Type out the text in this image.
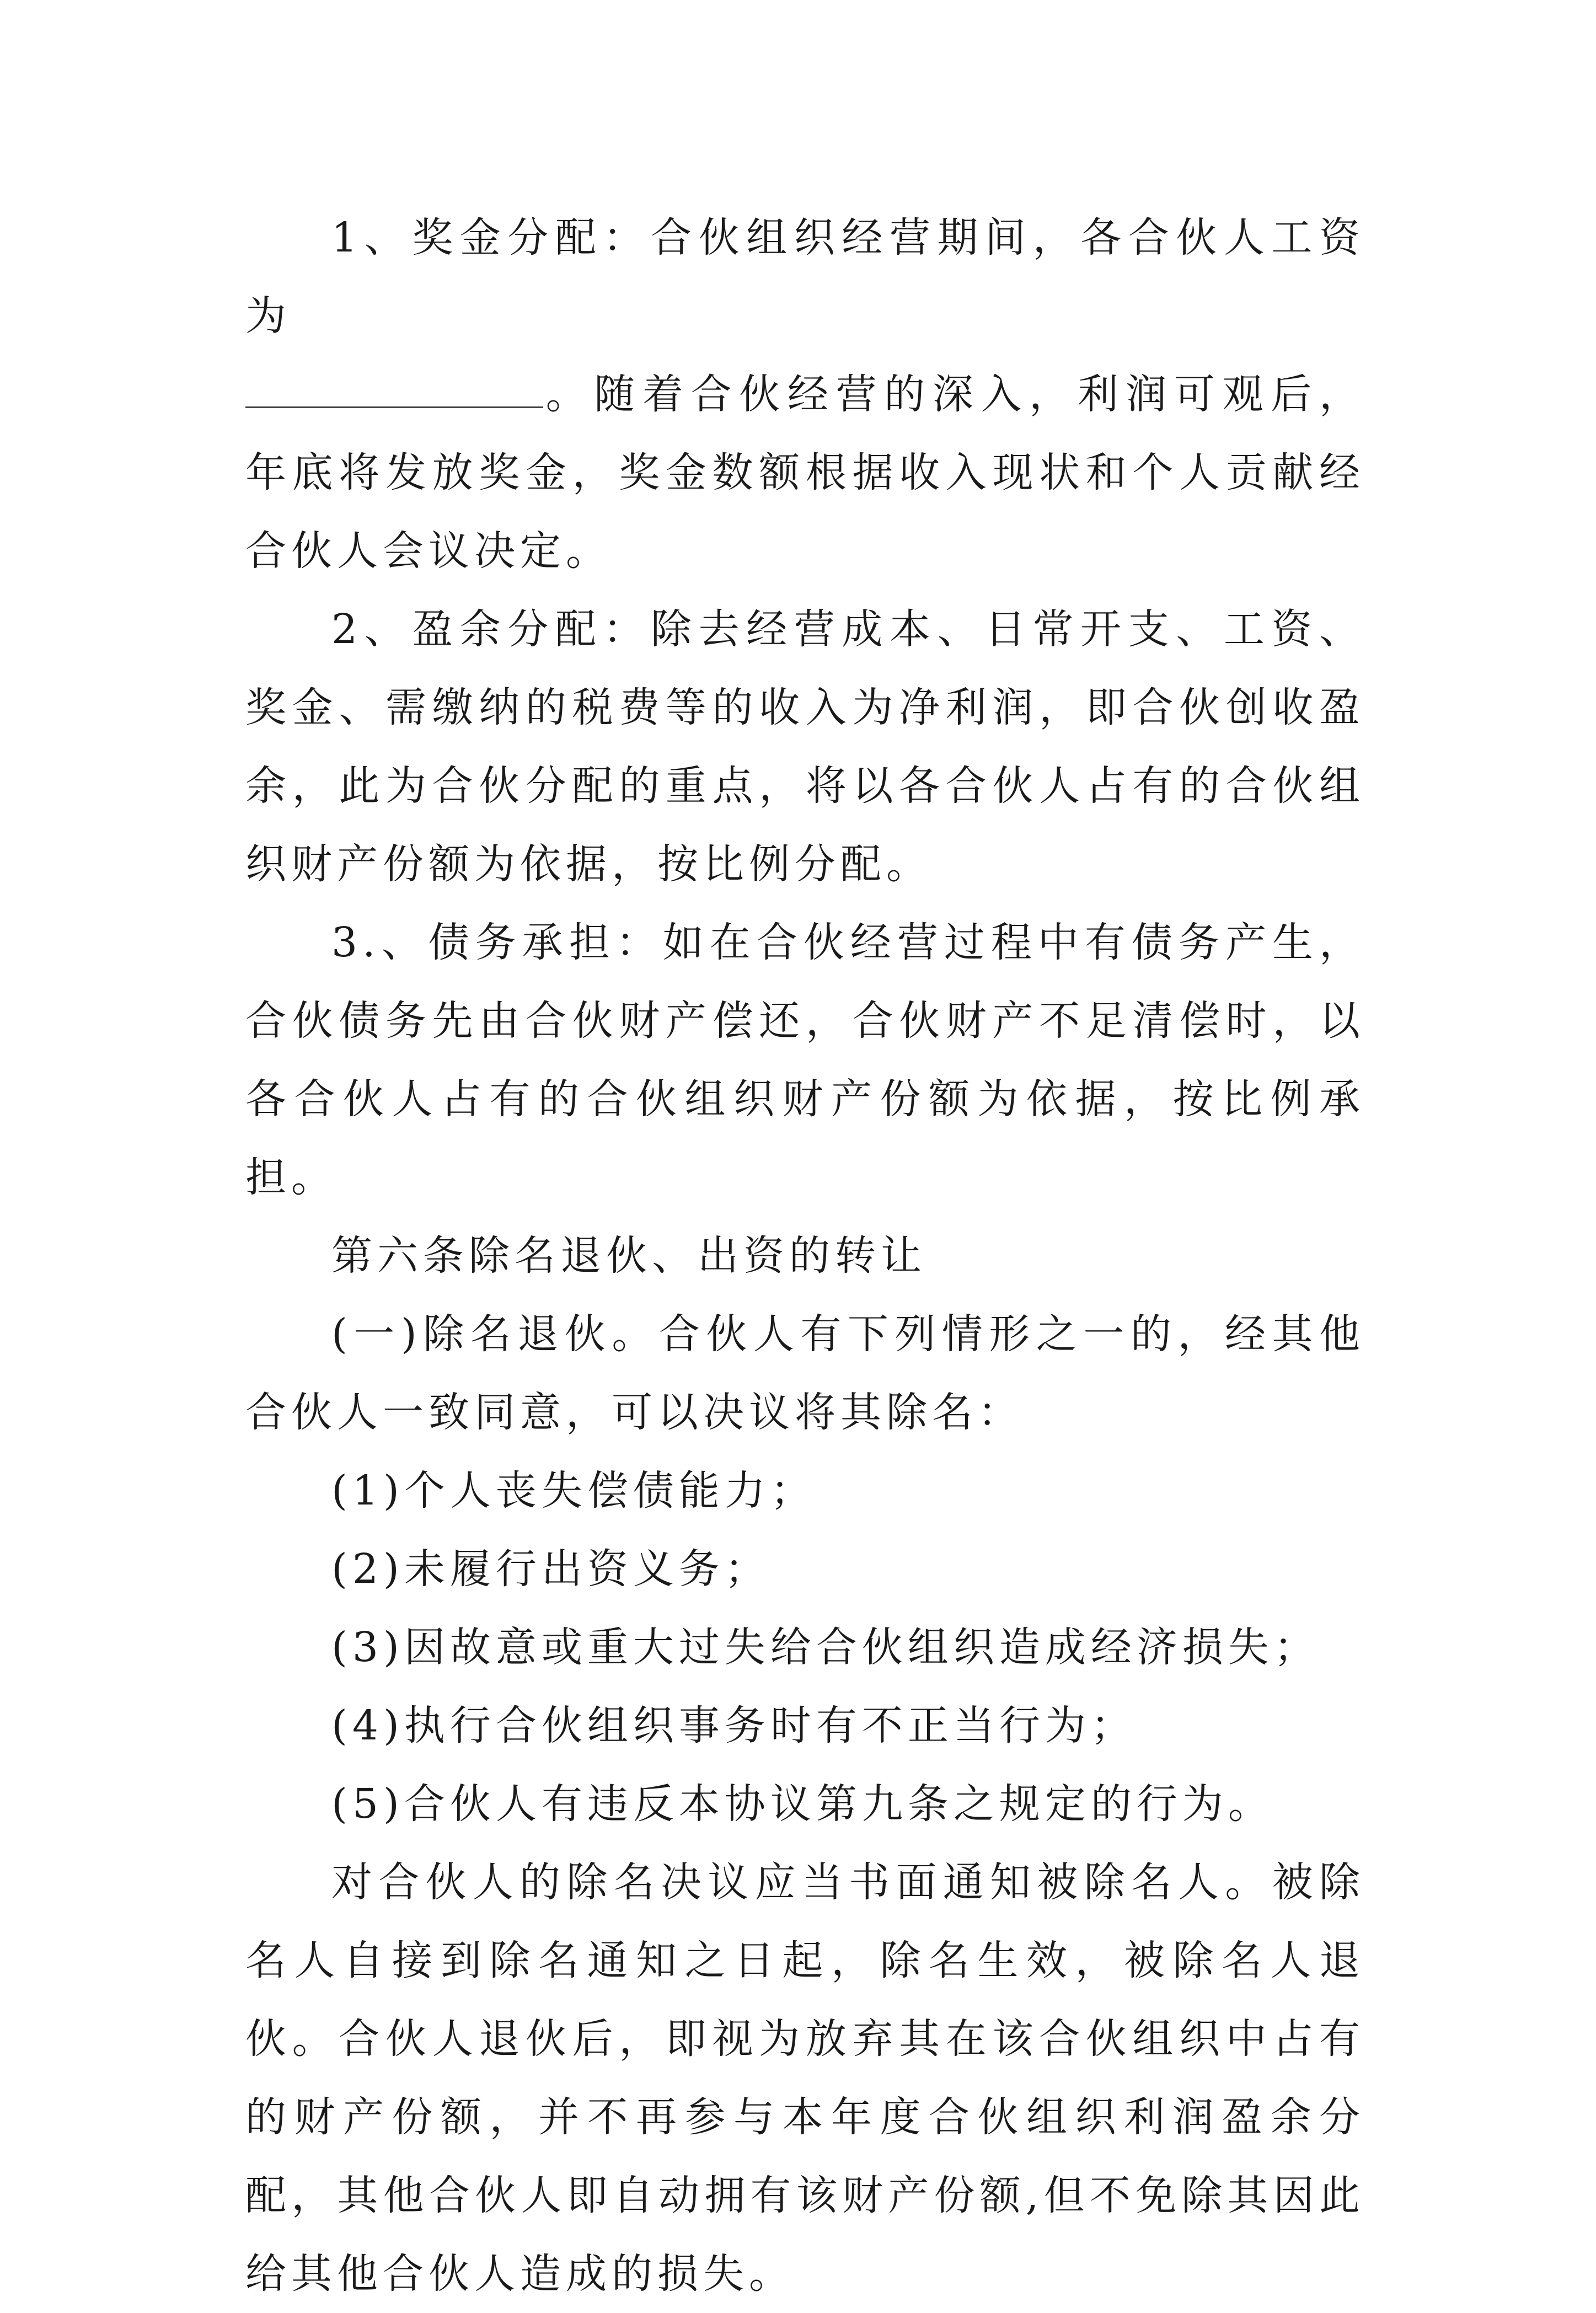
1、奖金分配：合伙组织经营期间，各合伙人工资为
。随着合伙经营的深入，利润可观后，年底将发放奖金，奖金数额根据收入现状和个人贡献经合伙人会议决定。

2、盈余分配：除去经营成本、日常开支、工资、奖金、需缴纳的税费等的收入为净利润，即合伙创收盈余，此为合伙分配的重点，将以各合伙人占有的合伙组织财产份额为依据，按比例分配。

3.、债务承担：如在合伙经营过程中有债务产生，合伙债务先由合伙财产偿还，合伙财产不足清偿时，以各合伙人占有的合伙组织财产份额为依据，按比例承担。

第六条除名退伙、出资的转让

(一)除名退伙。合伙人有下列情形之一的，经其他合伙人一致同意，可以决议将其除名：

(1)个人丧失偿债能力；

(2)未履行出资义务；

(3)因故意或重大过失给合伙组织造成经济损失；

(4)执行合伙组织事务时有不正当行为；

(5)合伙人有违反本协议第九条之规定的行为。

对合伙人的除名决议应当书面通知被除名人。被除名人自接到除名通知之日起，除名生效，被除名人退伙。合伙人退伙后，即视为放弃其在该合伙组织中占有的财产份额，并不再参与本年度合伙组织利润盈余分配，其他合伙人即自动拥有该财产份额,但不免除其因此给其他合伙人造成的损失。
